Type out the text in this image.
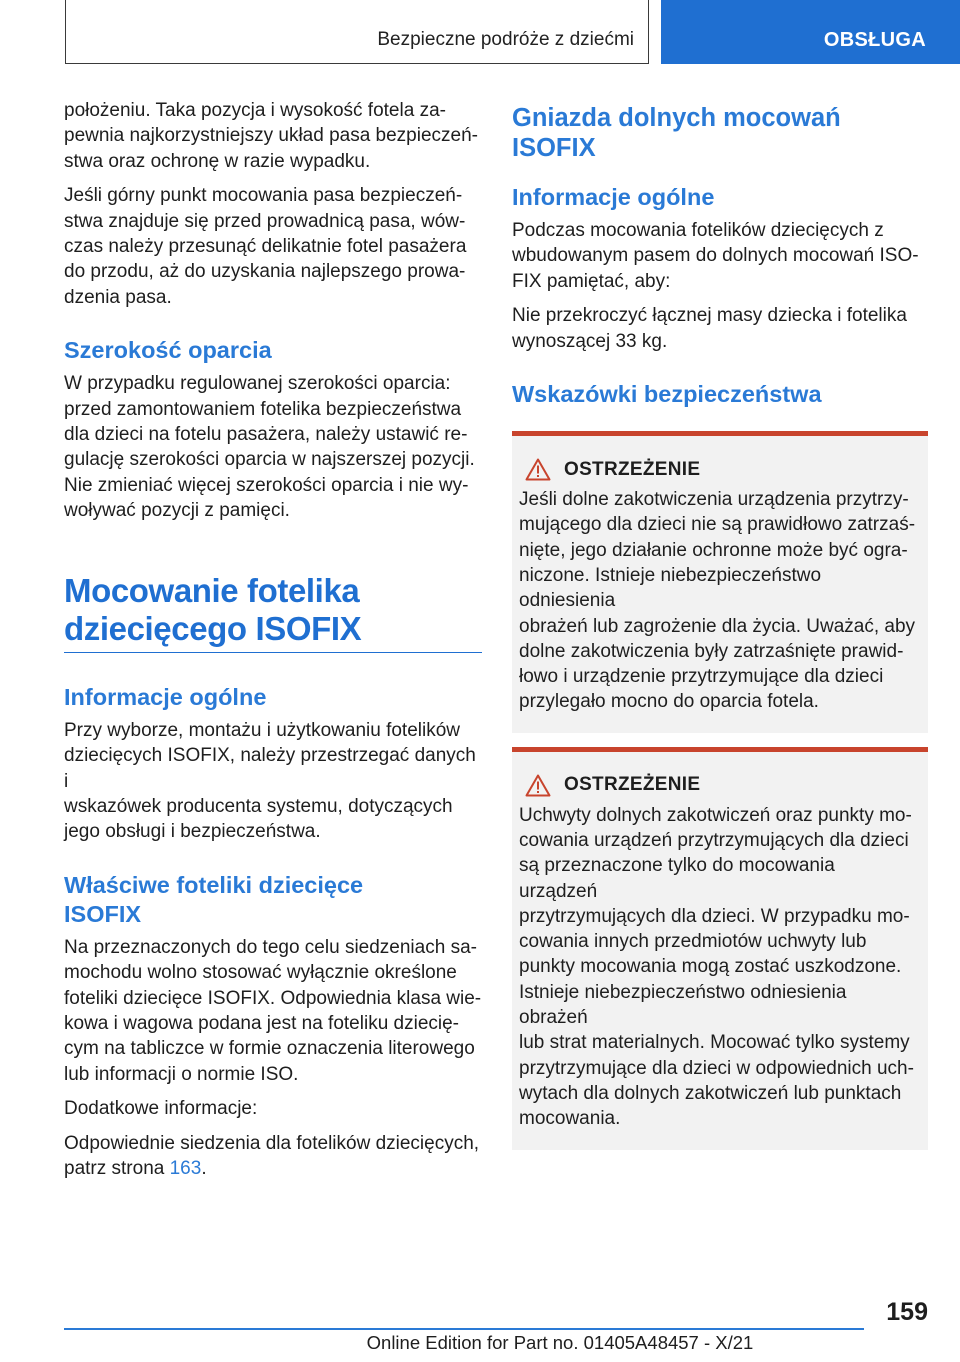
Bezpieczne podróże z dziećmi	OBSŁUGA

położeniu. Taka pozycja i wysokość fotela za-
pewnia najkorzystniejszy układ pasa bezpieczeń-
stwa oraz ochronę w razie wypadku.

Jeśli górny punkt mocowania pasa bezpieczeń-
stwa znajduje się przed prowadnicą pasa, wów-
czas należy przesunąć delikatnie fotel pasażera
do przodu, aż do uzyskania najlepszego prowa-
dzenia pasa.

Szerokość oparcia

W przypadku regulowanej szerokości oparcia:
przed zamontowaniem fotelika bezpieczeństwa
dla dzieci na fotelu pasażera, należy ustawić re-
gulację szerokości oparcia w najszerszej pozycji.
Nie zmieniać więcej szerokości oparcia i nie wy-
woływać pozycji z pamięci.

Mocowanie fotelika
dziecięcego ISOFIX
Informacje ogólne

Przy wyborze, montażu i użytkowaniu fotelików
dziecięcych ISOFIX, należy przestrzegać danych i
wskazówek producenta systemu, dotyczących
jego obsługi i bezpieczeństwa.

Właściwe foteliki dziecięce
ISOFIX

Na przeznaczonych do tego celu siedzeniach sa-
mochodu wolno stosować wyłącznie określone
foteliki dziecięce ISOFIX. Odpowiednia klasa wie-
kowa i wagowa podana jest na foteliku dziecię-
cym na tabliczce w formie oznaczenia literowego
lub informacji o normie ISO.

Dodatkowe informacje:

Odpowiednie siedzenia dla fotelików dziecięcych,
patrz strona 163.

Gniazda dolnych mocowań
ISOFIX
Informacje ogólne

Podczas mocowania fotelików dziecięcych z
wbudowanym pasem do dolnych mocowań ISO-
FIX pamiętać, aby:

Nie przekroczyć łącznej masy dziecka i fotelika
wynoszącej 33 kg.

Wskazówki bezpieczeństwa
OSTRZEŻENIE

Jeśli dolne zakotwiczenia urządzenia przytrzy-
mującego dla dzieci nie są prawidłowo zatrzaś-
nięte, jego działanie ochronne może być ogra-
niczone. Istnieje niebezpieczeństwo odniesienia
obrażeń lub zagrożenie dla życia. Uważać, aby
dolne zakotwiczenia były zatrzaśnięte prawid-
łowo i urządzenie przytrzymujące dla dzieci
przylegało mocno do oparcia fotela.

OSTRZEŻENIE

Uchwyty dolnych zakotwiczeń oraz punkty mo-
cowania urządzeń przytrzymujących dla dzieci
są przeznaczone tylko do mocowania urządzeń
przytrzymujących dla dzieci. W przypadku mo-
cowania innych przedmiotów uchwyty lub
punkty mocowania mogą zostać uszkodzone.
Istnieje niebezpieczeństwo odniesienia obrażeń
lub strat materialnych. Mocować tylko systemy
przytrzymujące dla dzieci w odpowiednich uch-
wytach dla dolnych zakotwiczeń lub punktach
mocowania.

159
Online Edition for Part no. 01405A48457 - X/21
